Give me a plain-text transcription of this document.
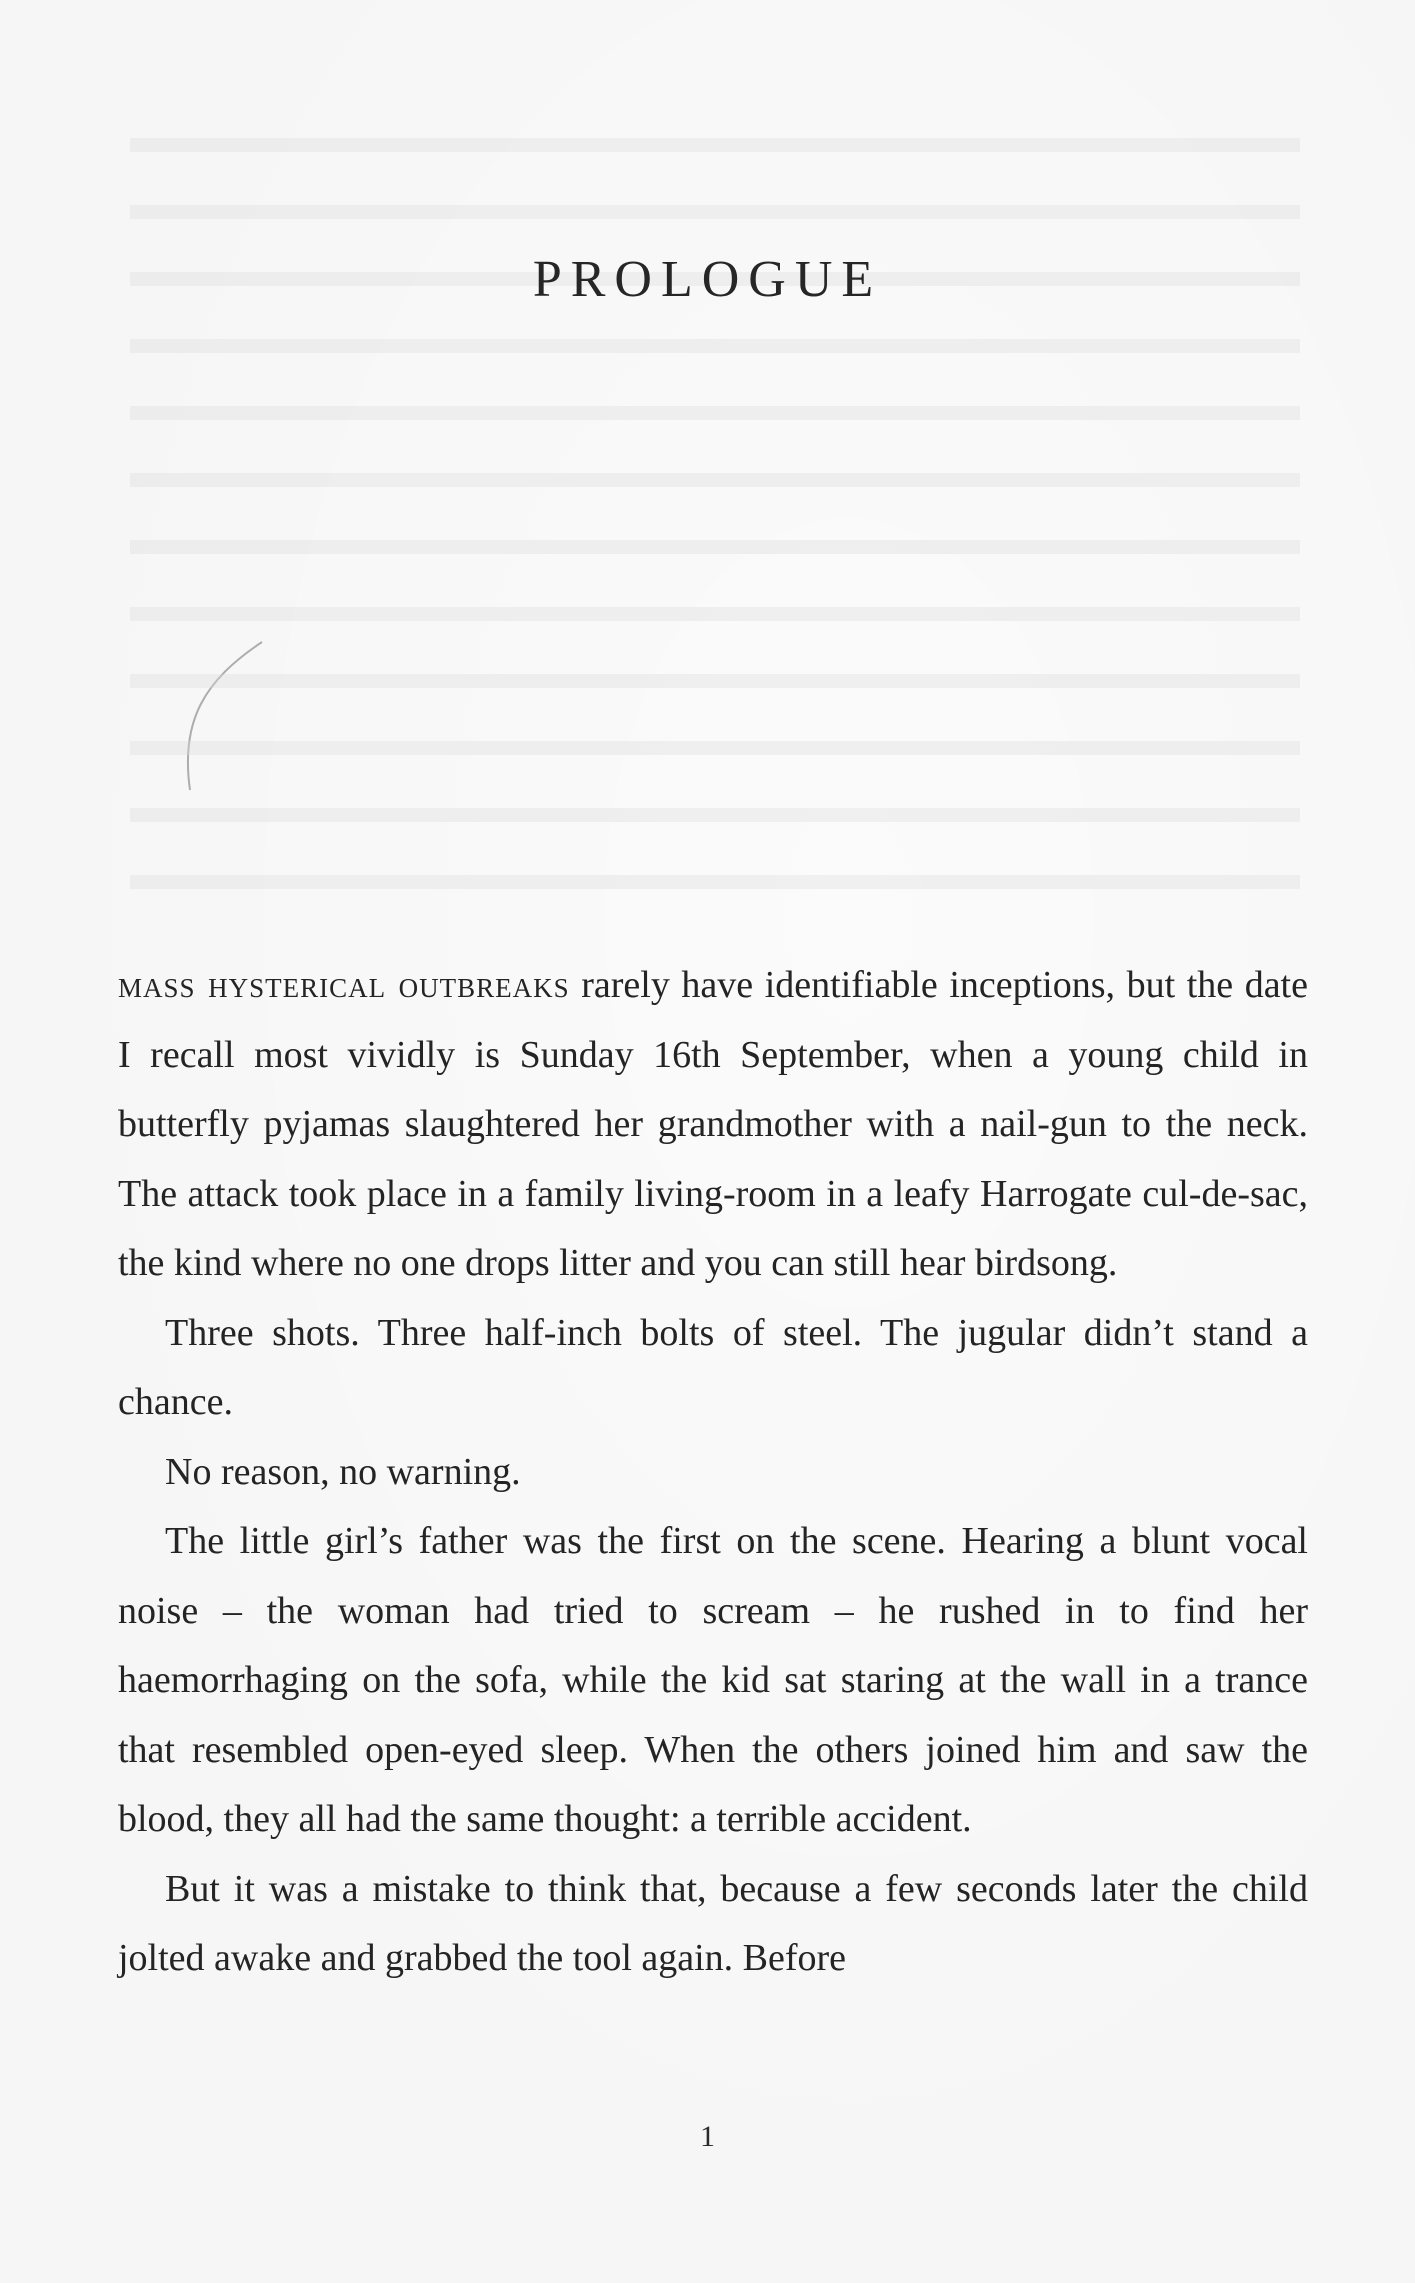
PROLOGUE

mass hysterical outbreaks rarely have identifiable inceptions, but the date I recall most vividly is Sunday 16th September, when a young child in butterfly pyjamas slaughtered her grandmother with a nail-gun to the neck. The attack took place in a family living-room in a leafy Harrogate cul-de-sac, the kind where no one drops litter and you can still hear birdsong.

Three shots. Three half-inch bolts of steel. The jugular didn’t stand a chance.

No reason, no warning.

The little girl’s father was the first on the scene. Hearing a blunt vocal noise – the woman had tried to scream – he rushed in to find her haemorrhaging on the sofa, while the kid sat staring at the wall in a trance that resembled open-eyed sleep. When the others joined him and saw the blood, they all had the same thought: a terrible accident.

But it was a mistake to think that, because a few seconds later the child jolted awake and grabbed the tool again. Before

1
